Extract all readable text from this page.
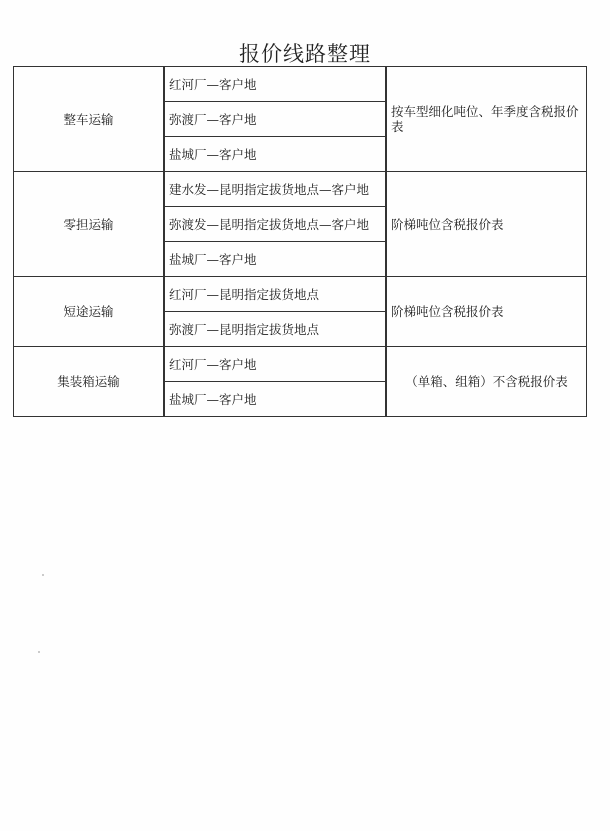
报价线路整理
整车运输	红河厂—客户地	按车型细化吨位、年季度含税报价表
	弥渡厂—客户地	
	盐城厂—客户地	
零担运输	建水发—昆明指定拔货地点—客户地	阶梯吨位含税报价表
	弥渡发—昆明指定拔货地点—客户地	
	盐城厂—客户地	
短途运输	红河厂—昆明指定拔货地点	阶梯吨位含税报价表
	弥渡厂—昆明指定拔货地点	
集装箱运输	红河厂—客户地	（单箱、组箱）不含税报价表
	盐城厂—客户地	
